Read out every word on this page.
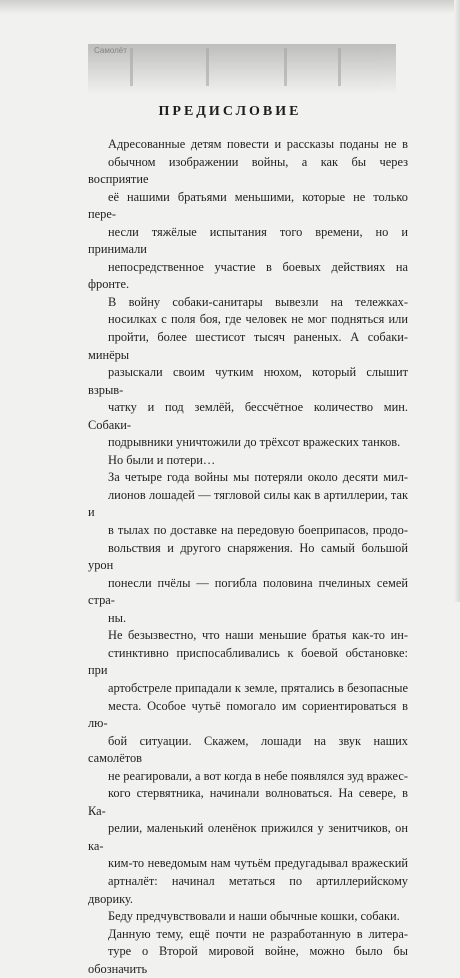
Самолёт
ПРЕДИСЛОВИЕ

Адресованные детям повести и рассказы поданы не в
обычном изображении войны, а как бы через восприятие
её нашими братьями меньшими, которые не только пере-
несли тяжёлые испытания того времени, но и принимали
непосредственное участие в боевых действиях на фронте.

В войну собаки-санитары вывезли на тележках-
носилках с поля боя, где человек не мог подняться или
пройти, более шестисот тысяч раненых. А собаки-минёры
разыскали своим чутким нюхом, который слышит взрыв-
чатку и под землёй, бессчётное количество мин. Собаки-
подрывники уничтожили до трёхсот вражеских танков.

Но были и потери…

За четыре года войны мы потеряли около десяти мил-
лионов лошадей — тягловой силы как в артиллерии, так и
в тылах по доставке на передовую боеприпасов, продо-
вольствия и другого снаряжения. Но самый большой урон
понесли пчёлы — погибла половина пчелиных семей стра-
ны.

Не безызвестно, что наши меньшие братья как-то ин-
стинктивно приспосабливались к боевой обстановке: при
артобстреле припадали к земле, прятались в безопасные
места. Особое чутьё помогало им сориентироваться в лю-
бой ситуации. Скажем, лошади на звук наших самолётов
не реагировали, а вот когда в небе появлялся зуд вражес-
кого стервятника, начинали волноваться. На севере, в Ка-
релии, маленький оленёнок прижился у зенитчиков, он ка-
ким-то неведомым нам чутьём предугадывал вражеский
артналёт: начинал метаться по артиллерийскому дворику.
Беду предчувствовали и наши обычные кошки, собаки.

Данную тему, ещё почти не разработанную в литера-
туре о Второй мировой войне, можно было бы обозначить
